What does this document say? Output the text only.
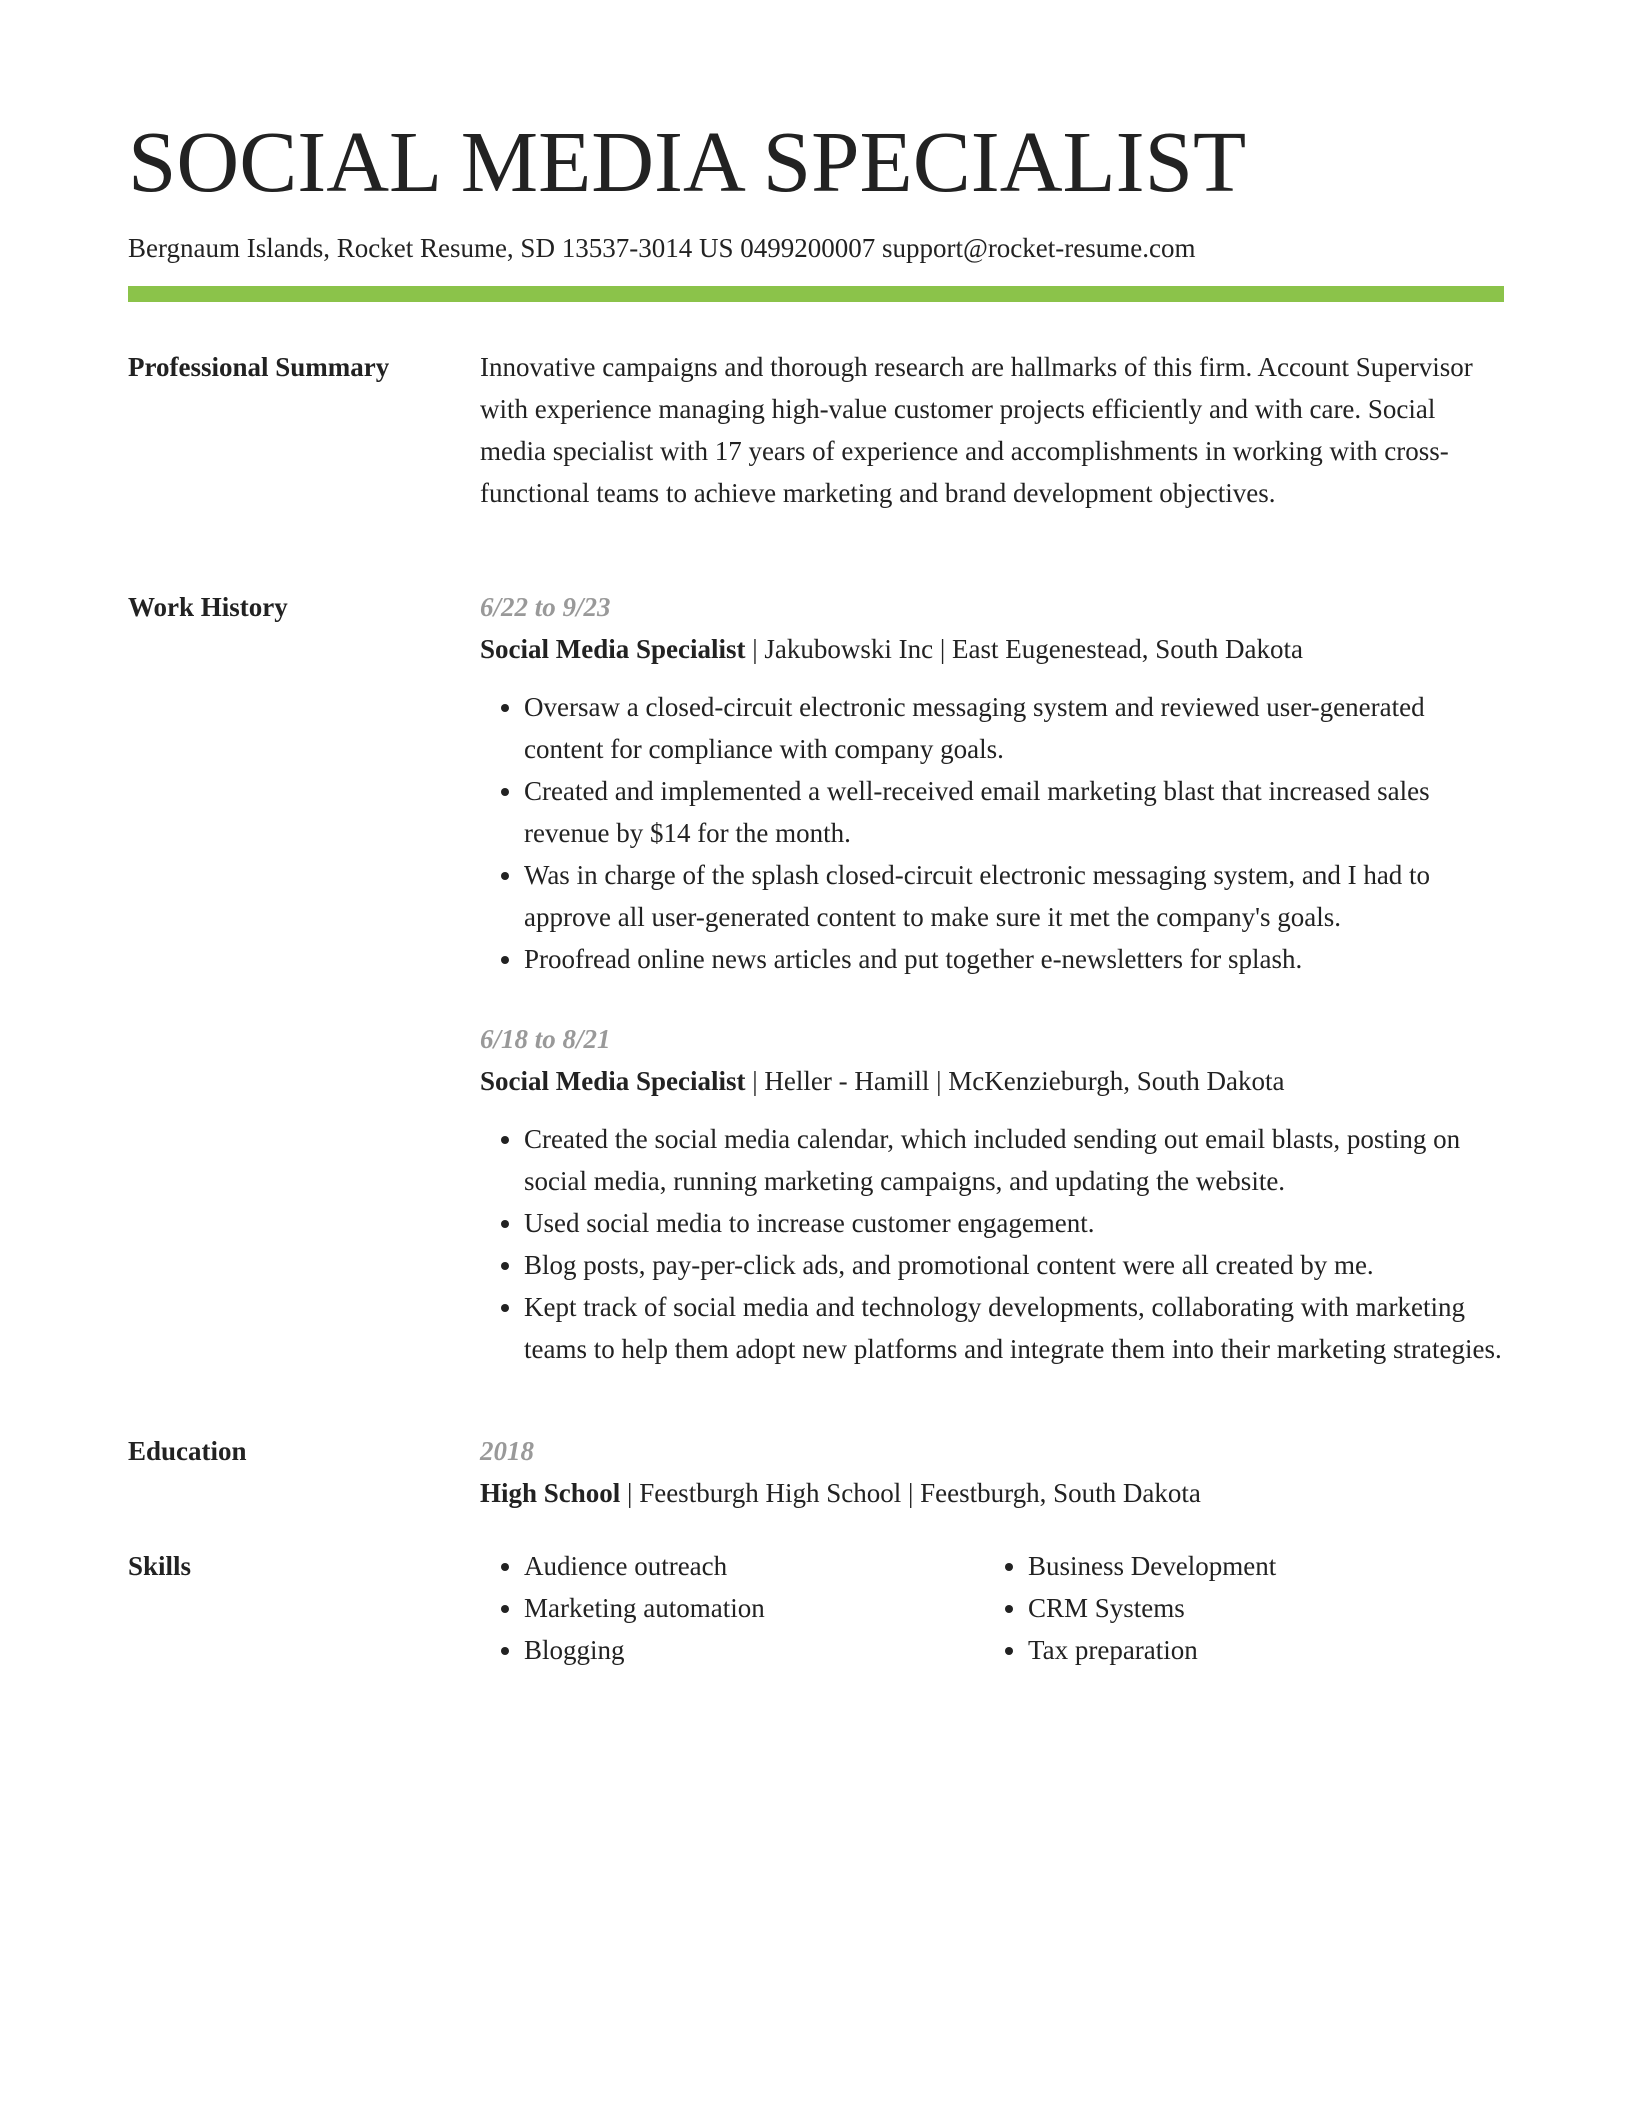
SOCIAL MEDIA SPECIALIST
Bergnaum Islands, Rocket Resume, SD 13537-3014 US 0499200007 support@rocket-resume.com
Professional Summary	Innovative campaigns and thorough research are hallmarks of this firm. Account Supervisor with experience managing high-value customer projects efficiently and with care. Social media specialist with 17 years of experience and accomplishments in working with cross-functional teams to achieve marketing and brand development objectives.

Work History	6/22 to 9/23
Social Media Specialist | Jakubowski Inc | East Eugenestead, South Dakota
• Oversaw a closed-circuit electronic messaging system and reviewed user-generated content for compliance with company goals.
• Created and implemented a well-received email marketing blast that increased sales revenue by $14 for the month.
• Was in charge of the splash closed-circuit electronic messaging system, and I had to approve all user-generated content to make sure it met the company's goals.
• Proofread online news articles and put together e-newsletters for splash.
6/18 to 8/21
Social Media Specialist | Heller - Hamill | McKenzieburgh, South Dakota
• Created the social media calendar, which included sending out email blasts, posting on social media, running marketing campaigns, and updating the website.
• Used social media to increase customer engagement.
• Blog posts, pay-per-click ads, and promotional content were all created by me.
• Kept track of social media and technology developments, collaborating with marketing teams to help them adopt new platforms and integrate them into their marketing strategies.
Education	2018
High School | Feestburgh High School | Feestburgh, South Dakota
Skills
•	Audience outreach
• Marketing automation
• Blogging
• Business Development
• CRM Systems
• Tax preparation
